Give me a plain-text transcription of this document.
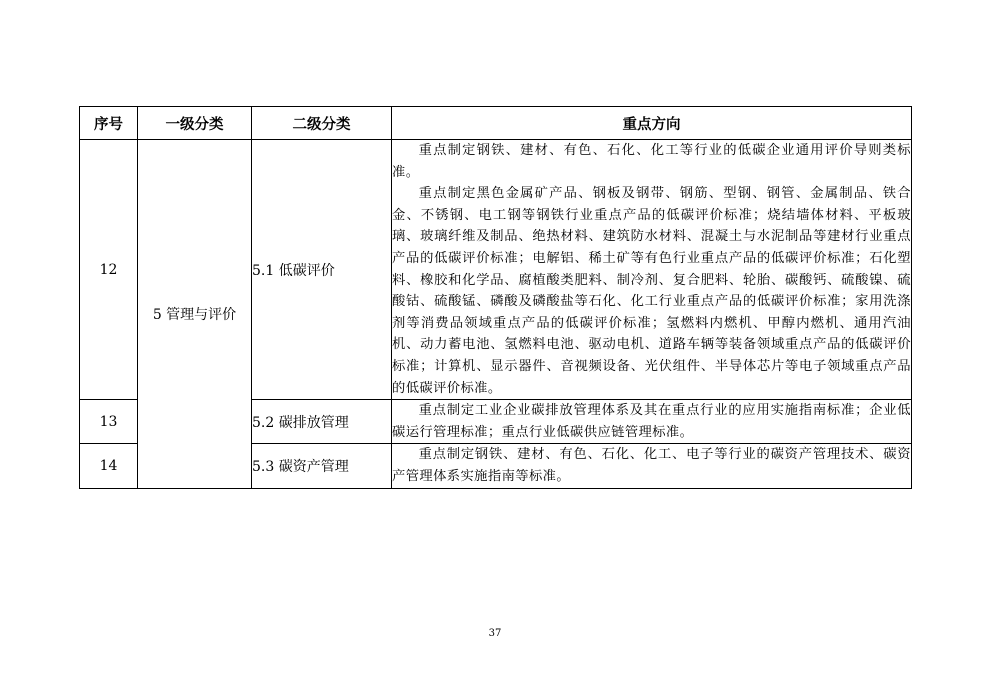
序号	一级分类	二级分类	重点方向
12	5 管理与评价	5.1 低碳评价	重点制定钢铁、建材、有色、石化、化工等行业的低碳企业通用评价导则类标准。

重点制定黑色金属矿产品、钢板及钢带、钢筋、型钢、钢管、金属制品、铁合金、不锈钢、电工钢等钢铁行业重点产品的低碳评价标准；烧结墙体材料、平板玻璃、玻璃纤维及制品、绝热材料、建筑防水材料、混凝土与水泥制品等建材行业重点产品的低碳评价标准；电解铝、稀土矿等有色行业重点产品的低碳评价标准；石化塑料、橡胶和化学品、腐植酸类肥料、制冷剂、复合肥料、轮胎、碳酸钙、硫酸镍、硫酸钴、硫酸锰、磷酸及磷酸盐等石化、化工行业重点产品的低碳评价标准；家用洗涤剂等消费品领域重点产品的低碳评价标准；氢燃料内燃机、甲醇内燃机、通用汽油机、动力蓄电池、氢燃料电池、驱动电机、道路车辆等装备领域重点产品的低碳评价标准；计算机、显示器件、音视频设备、光伏组件、半导体芯片等电子领域重点产品的低碳评价标准。

13		5.2 碳排放管理	重点制定工业企业碳排放管理体系及其在重点行业的应用实施指南标准；企业低碳运行管理标准；重点行业低碳供应链管理标准。

14		5.3 碳资产管理	重点制定钢铁、建材、有色、石化、化工、电子等行业的碳资产管理技术、碳资产管理体系实施指南等标准。

37
